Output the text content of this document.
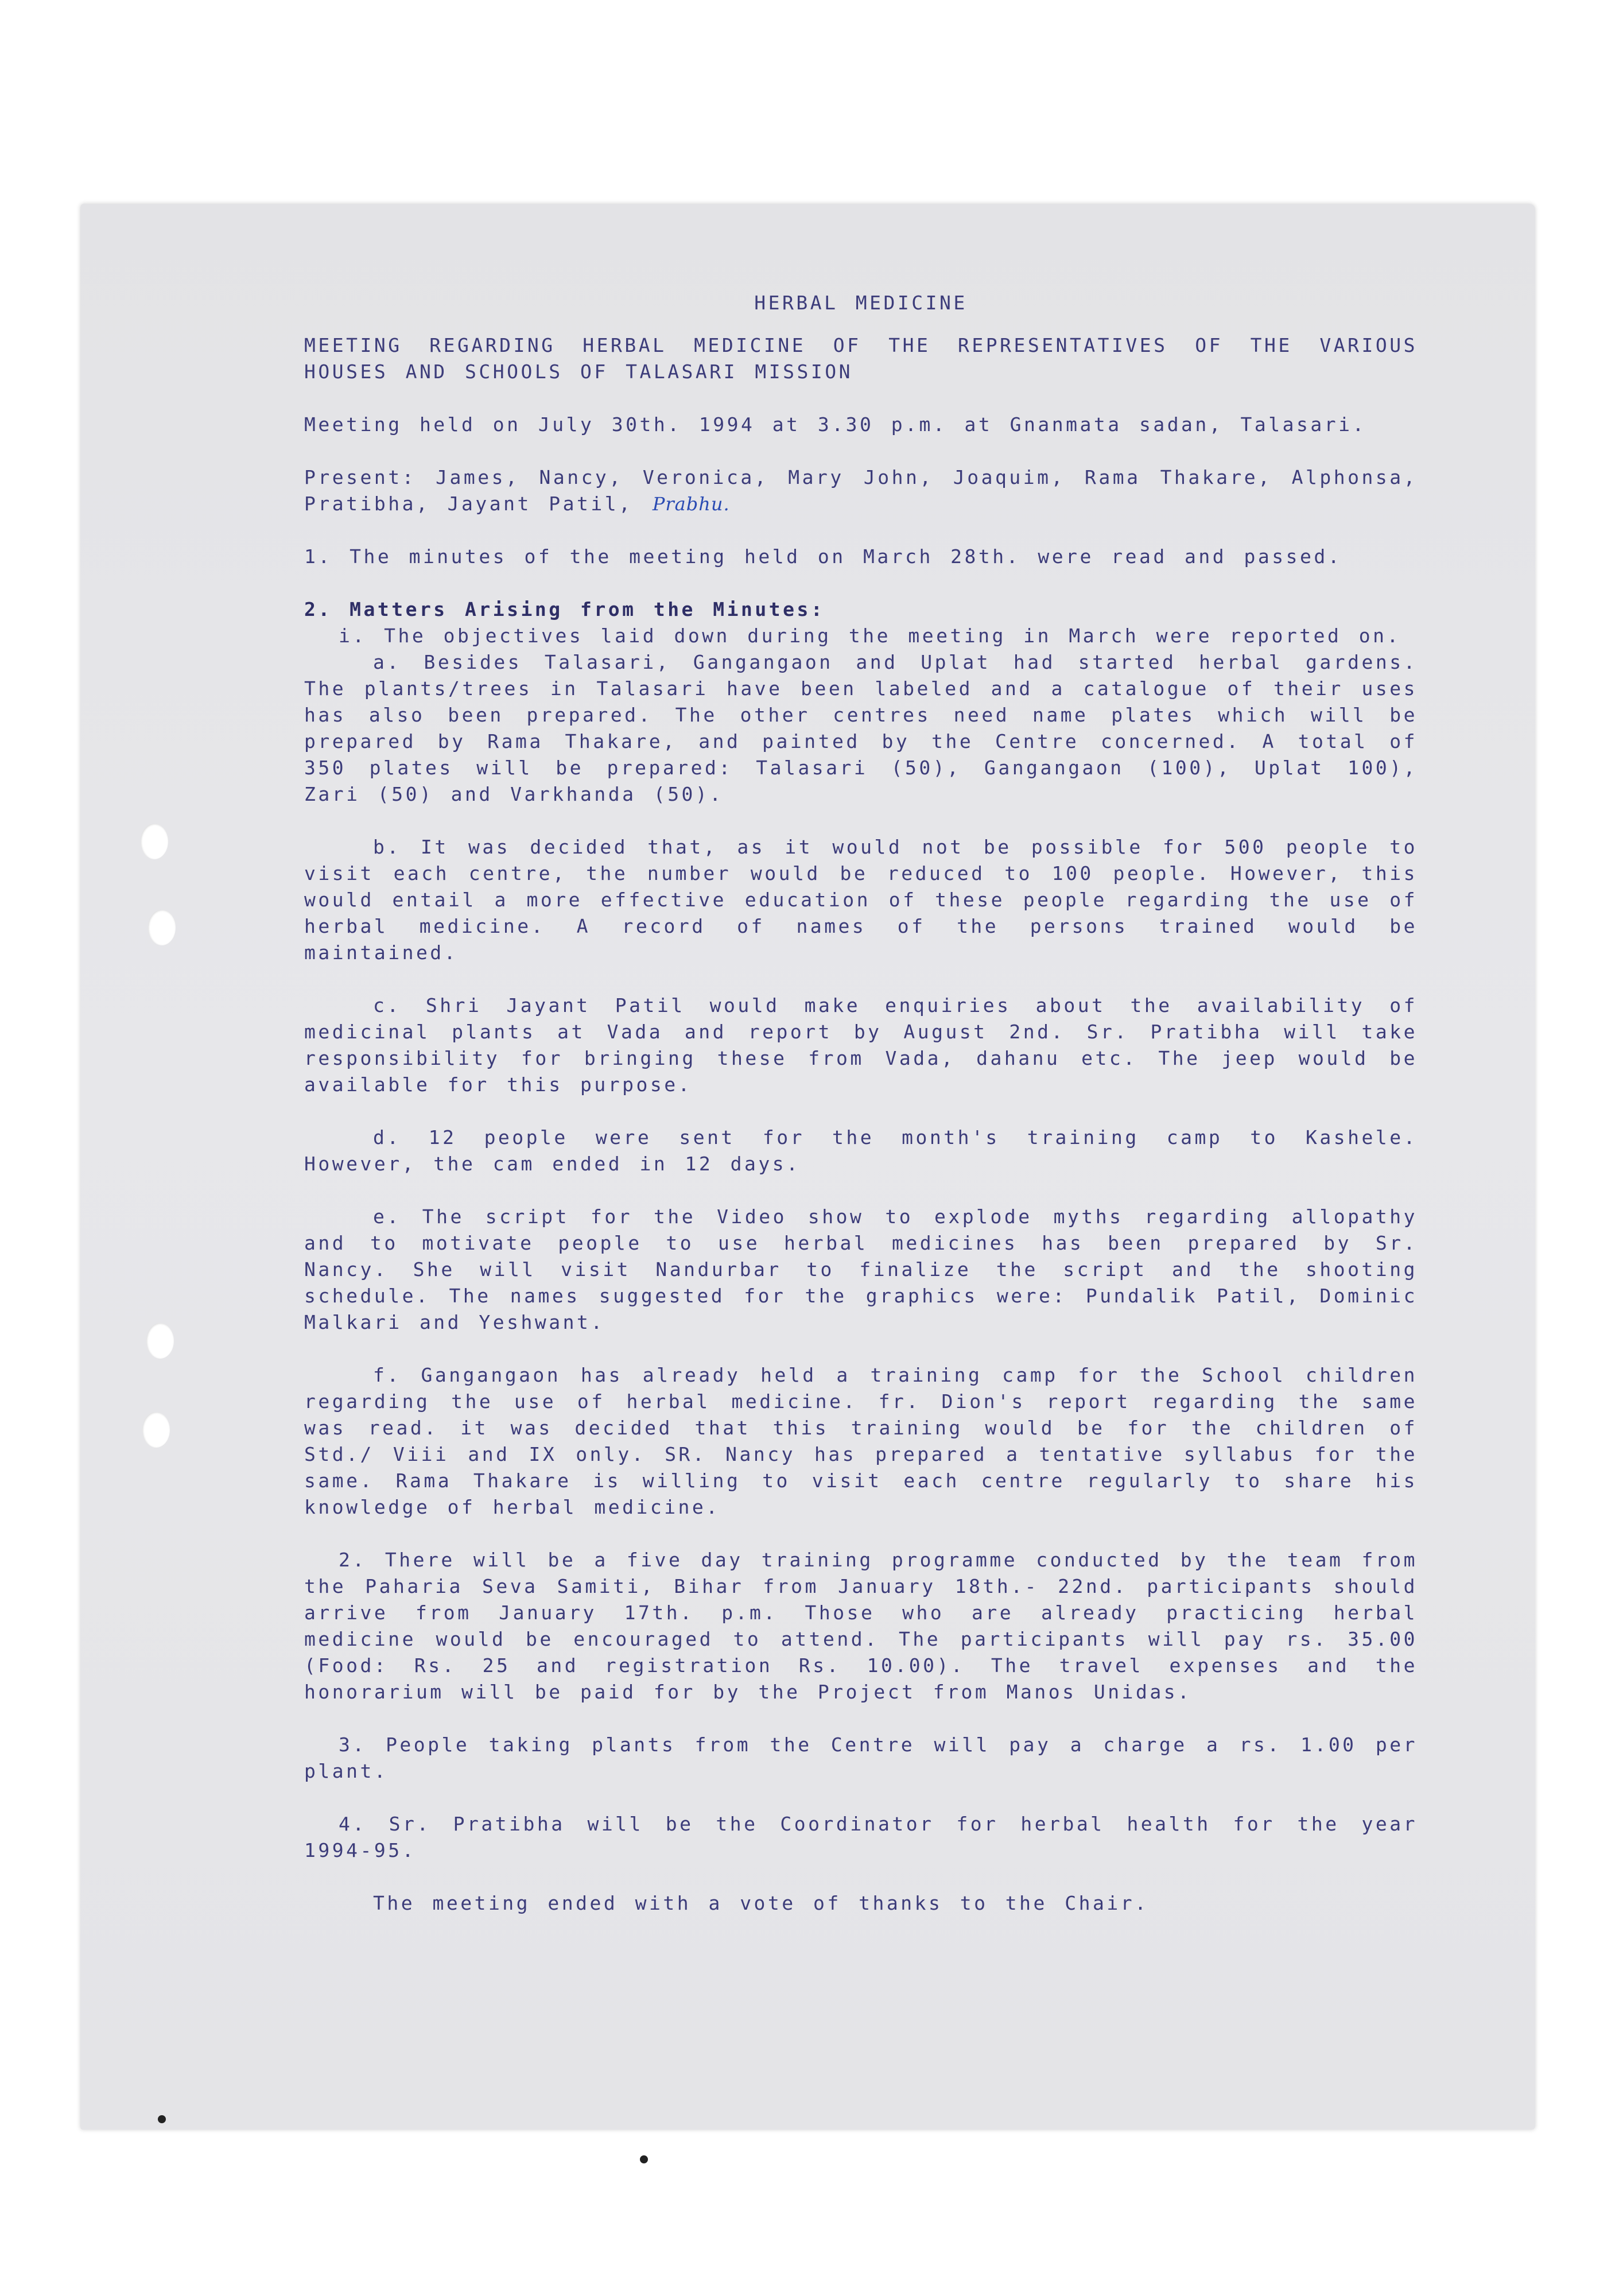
HERBAL MEDICINE

MEETING REGARDING HERBAL MEDICINE OF THE REPRESENTATIVES OF THE VARIOUS HOUSES AND SCHOOLS OF TALASARI MISSION

Meeting held on July 30th. 1994 at 3.30 p.m. at Gnanmata sadan, Talasari.

Present: James, Nancy, Veronica, Mary John, Joaquim, Rama Thakare, Alphonsa, Pratibha, Jayant Patil, Prabhu.

1. The minutes of the meeting held on March 28th. were read and passed.

2. Matters Arising from the Minutes:

i. The objectives laid down during the meeting in March were reported on.

a. Besides Talasari, Gangangaon and Uplat had started herbal gardens. The plants/trees in Talasari have been labeled and a catalogue of their uses has also been prepared. The other centres need name plates which will be prepared by Rama Thakare, and painted by the Centre concerned. A total of 350 plates will be prepared: Talasari (50), Gangangaon (100), Uplat 100), Zari (50) and Varkhanda (50).

b. It was decided that, as it would not be possible for 500 people to visit each centre, the number would be reduced to 100 people. However, this would entail a more effective education of these people regarding the use of herbal medicine. A record of names of the persons trained would be maintained.

c. Shri Jayant Patil would make enquiries about the availability of medicinal plants at Vada and report by August 2nd. Sr. Pratibha will take responsibility for bringing these from Vada, dahanu etc. The jeep would be available for this purpose.

d. 12 people were sent for the month's training camp to Kashele. However, the cam ended in 12 days.

e. The script for the Video show to explode myths regarding allopathy and to motivate people to use herbal medicines has been prepared by Sr. Nancy. She will visit Nandurbar to finalize the script and the shooting schedule. The names suggested for the graphics were: Pundalik Patil, Dominic Malkari and Yeshwant.

f. Gangangaon has already held a training camp for the School children regarding the use of herbal medicine. fr. Dion's report regarding the same was read. it was decided that this training would be for the children of Std./ Viii and IX only. SR. Nancy has prepared a tentative syllabus for the same. Rama Thakare is willing to visit each centre regularly to share his knowledge of herbal medicine.

2. There will be a five day training programme conducted by the team from the Paharia Seva Samiti, Bihar from January 18th.- 22nd. participants should arrive from January 17th. p.m. Those who are already practicing herbal medicine would be encouraged to attend. The participants will pay rs. 35.00 (Food: Rs. 25 and registration Rs. 10.00). The travel expenses and the honorarium will be paid for by the Project from Manos Unidas.

3. People taking plants from the Centre will pay a charge a rs. 1.00 per plant.

4. Sr. Pratibha will be the Coordinator for herbal health for the year 1994-95.

The meeting ended with a vote of thanks to the Chair.
